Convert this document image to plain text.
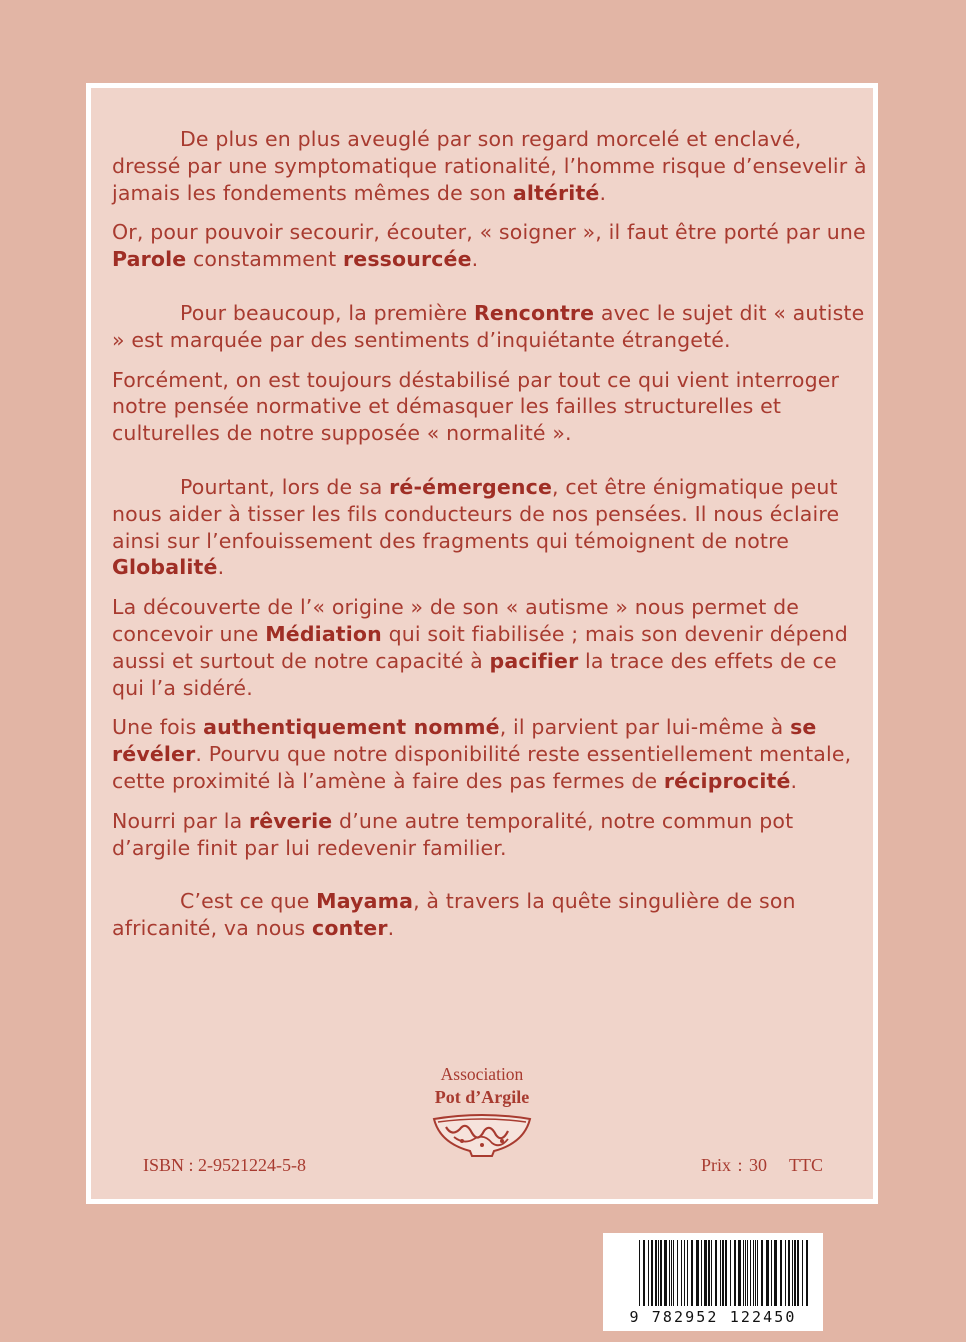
De plus en plus aveuglé par son regard morcelé et enclavé, dressé par une symptomatique rationalité, l’homme risque d’ensevelir à jamais les fondements mêmes de son altérité.

Or, pour pouvoir secourir, écouter, « soigner », il faut être porté par une Parole constamment ressourcée.

Pour beaucoup, la première Rencontre avec le sujet dit « autiste » est marquée par des sentiments d’inquiétante étrangeté.

Forcément, on est toujours déstabilisé par tout ce qui vient interroger notre pensée normative et démasquer les failles structurelles et culturelles de notre supposée « normalité ».

Pourtant, lors de sa ré-émergence, cet être énigmatique peut nous aider à tisser les fils conducteurs de nos pensées. Il nous éclaire ainsi sur l’enfouissement des fragments qui témoignent de notre Globalité.

La découverte de l’« origine » de son « autisme » nous permet de concevoir une Médiation qui soit fiabilisée ; mais son devenir dépend aussi et surtout de notre capacité à pacifier la trace des effets de ce qui l’a sidéré.

Une fois authentiquement nommé, il parvient par lui-même à se révéler. Pourvu que notre disponibilité reste essentiellement mentale, cette proximité là l’amène à faire des pas fermes de réciprocité.

Nourri par la rêverie d’une autre temporalité, notre commun pot d’argile finit par lui redevenir familier.

C’est ce que Mayama, à travers la quête singulière de son africanité, va nous conter.

Association
Pot d’Argile
ISBN : 2-9521224-5-8	Prix : 30 TTC
9 782952 122450
